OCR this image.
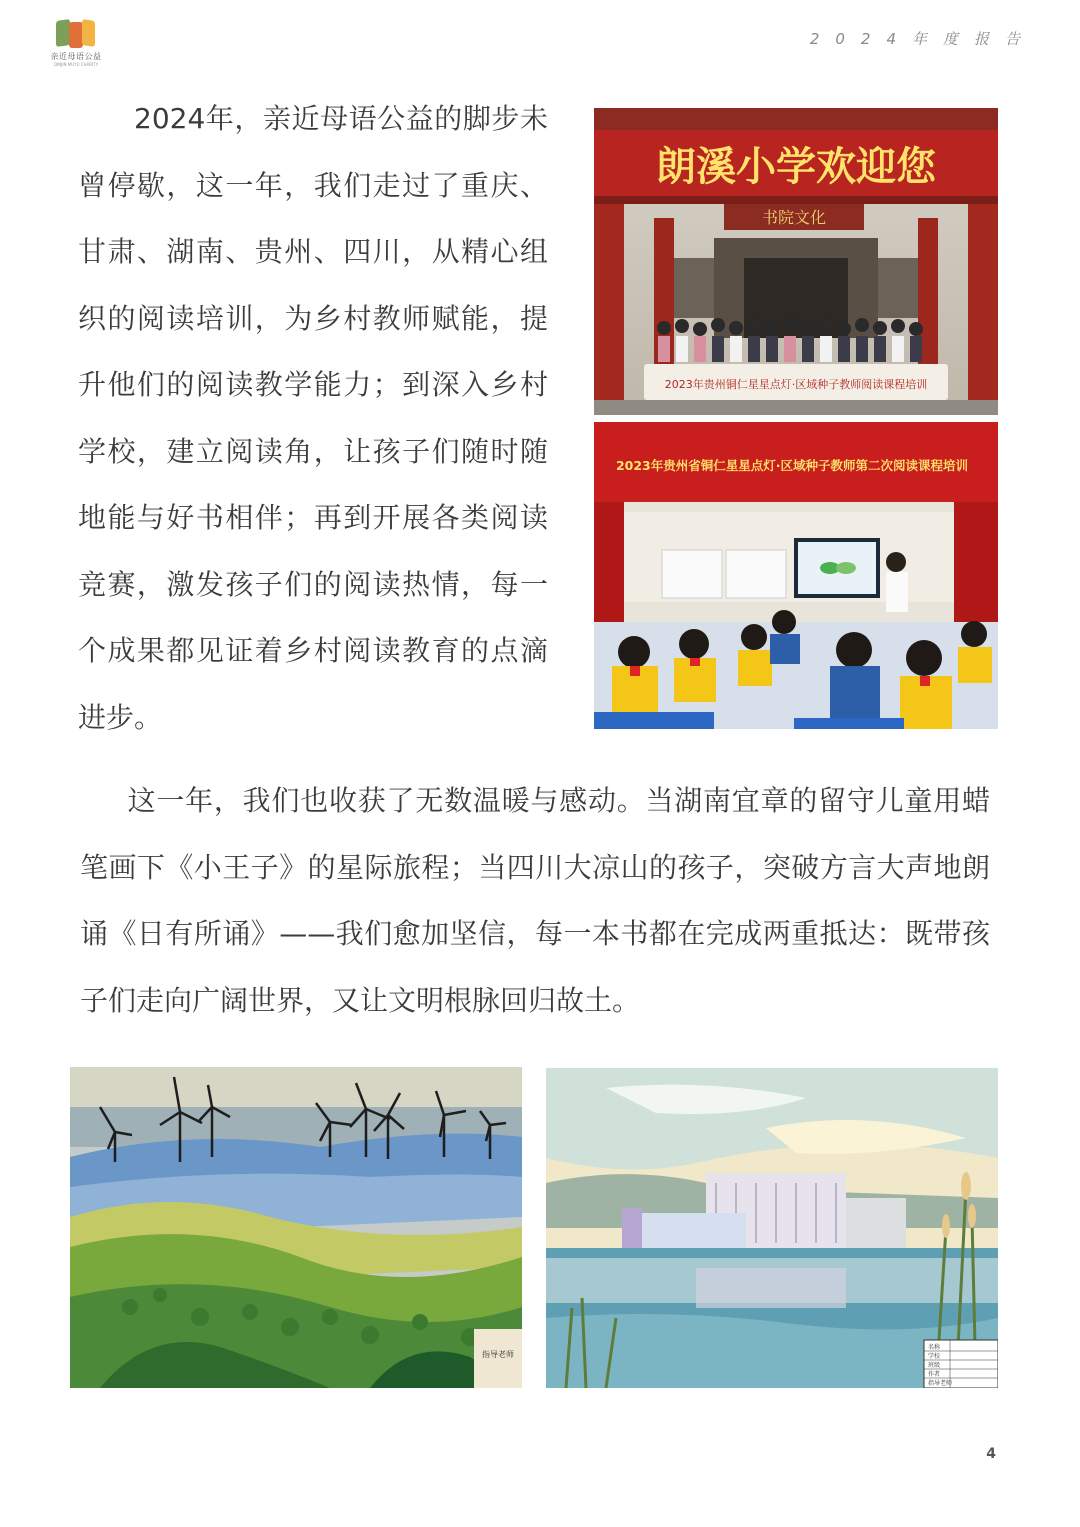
亲近母语公益
QINJIN MUYU CHARITY
2024年度报告

2024年，亲近母语公益的脚步未曾停歇，这一年，我们走过了重庆、甘肃、湖南、贵州、四川，从精心组织的阅读培训，为乡村教师赋能，提升他们的阅读教学能力；到深入乡村学校，建立阅读角，让孩子们随时随地能与好书相伴；再到开展各类阅读竞赛，激发孩子们的阅读热情，每一个成果都见证着乡村阅读教育的点滴进步。

朗溪小学欢迎您
书院文化
2023年贵州铜仁星星点灯·区域种子教师阅读课程培训
2023年贵州省铜仁星星点灯·区域种子教师第二次阅读课程培训

这一年，我们也收获了无数温暖与感动。当湖南宜章的留守儿童用蜡笔画下《小王子》的星际旅程；当四川大凉山的孩子，突破方言大声地朗诵《日有所诵》——我们愈加坚信，每一本书都在完成两重抵达：既带孩子们走向广阔世界，又让文明根脉回归故土。

指导老师
名称
学校
班级
作者
指导老师
4
